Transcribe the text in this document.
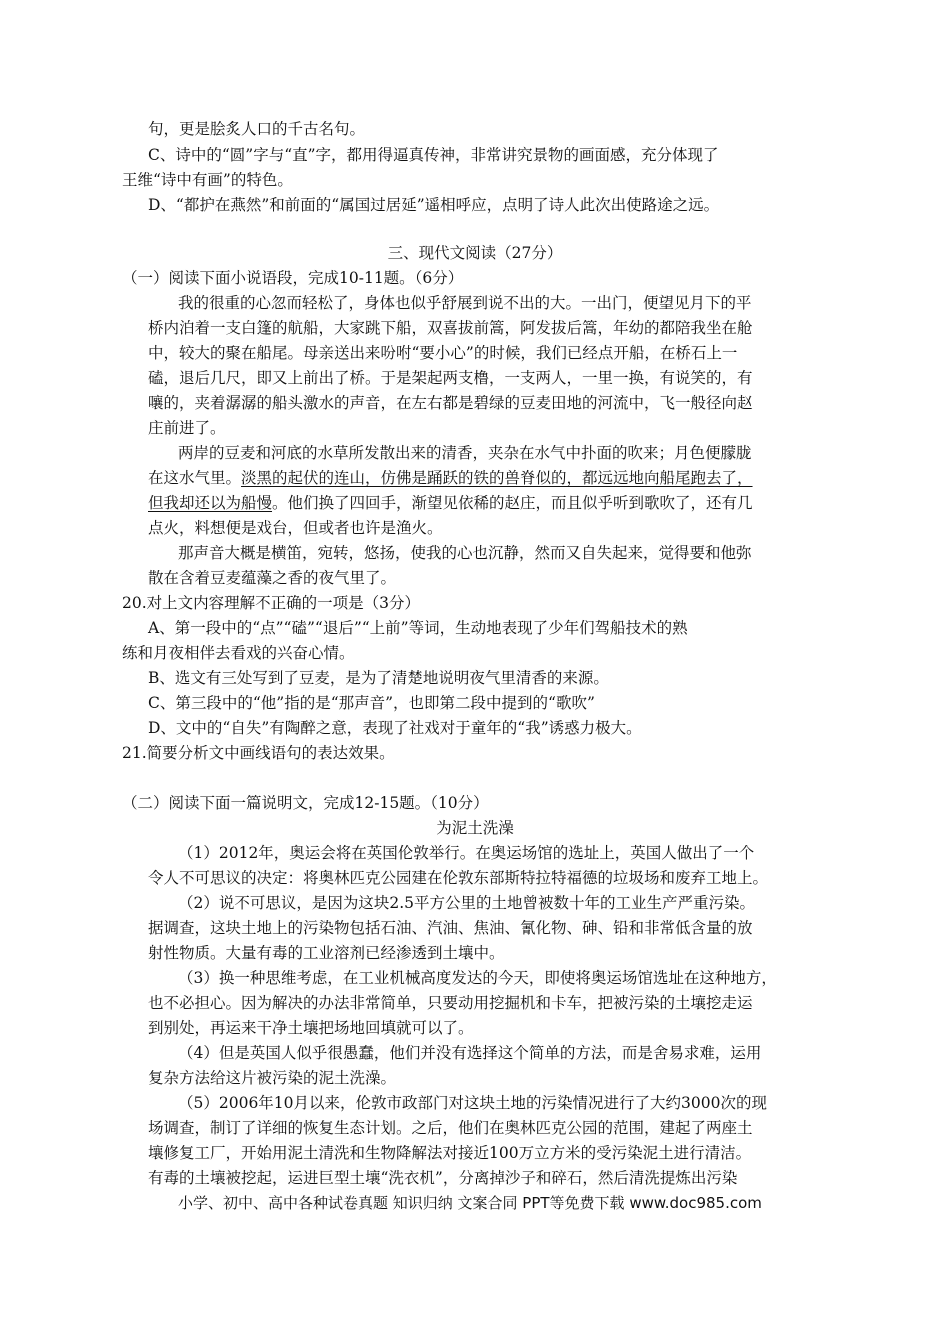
句，更是脍炙人口的千古名句。
C、诗中的“圆”字与“直”字，都用得逼真传神，非常讲究景物的画面感，充分体现了
王维“诗中有画”的特色。
D、“都护在燕然”和前面的“属国过居延”遥相呼应，点明了诗人此次出使路途之远。
三、现代文阅读（27分）
（一）阅读下面小说语段，完成10-11题。（6分）
我的很重的心忽而轻松了，身体也似乎舒展到说不出的大。一出门，便望见月下的平
桥内泊着一支白篷的航船，大家跳下船，双喜拔前篙，阿发拔后篙，年幼的都陪我坐在舱
中，较大的聚在船尾。母亲送出来吩咐“要小心”的时候，我们已经点开船，在桥石上一
磕，退后几尺，即又上前出了桥。于是架起两支橹，一支两人，一里一换，有说笑的，有
嚷的，夹着潺潺的船头激水的声音，在左右都是碧绿的豆麦田地的河流中，飞一般径向赵
庄前进了。
两岸的豆麦和河底的水草所发散出来的清香，夹杂在水气中扑面的吹来；月色便朦胧
在这水气里。淡黑的起伏的连山，仿佛是踊跃的铁的兽脊似的，都远远地向船尾跑去了，
但我却还以为船慢。他们换了四回手，渐望见依稀的赵庄，而且似乎听到歌吹了，还有几
点火，料想便是戏台，但或者也许是渔火。
那声音大概是横笛，宛转，悠扬，使我的心也沉静，然而又自失起来，觉得要和他弥
散在含着豆麦蕴藻之香的夜气里了。
20.对上文内容理解不正确的一项是（3分）
A、第一段中的“点”“磕”“退后”“上前”等词，生动地表现了少年们驾船技术的熟
练和月夜相伴去看戏的兴奋心情。
B、选文有三处写到了豆麦，是为了清楚地说明夜气里清香的来源。
C、第三段中的“他”指的是“那声音”，也即第二段中提到的“歌吹”
D、文中的“自失”有陶醉之意，表现了社戏对于童年的“我”诱惑力极大。
21.简要分析文中画线语句的表达效果。
（二）阅读下面一篇说明文，完成12-15题。（10分）
为泥土洗澡
（1）2012年，奥运会将在英国伦敦举行。在奥运场馆的选址上，英国人做出了一个
令人不可思议的决定：将奥林匹克公园建在伦敦东部斯特拉特福德的垃圾场和废弃工地上。
（2）说不可思议，是因为这块2.5平方公里的土地曾被数十年的工业生产严重污染。
据调查，这块土地上的污染物包括石油、汽油、焦油、氰化物、砷、铅和非常低含量的放
射性物质。大量有毒的工业溶剂已经渗透到土壤中。
（3）换一种思维考虑，在工业机械高度发达的今天，即使将奥运场馆选址在这种地方，
也不必担心。因为解决的办法非常简单，只要动用挖掘机和卡车，把被污染的土壤挖走运
到别处，再运来干净土壤把场地回填就可以了。
（4）但是英国人似乎很愚蠢，他们并没有选择这个简单的方法，而是舍易求难，运用
复杂方法给这片被污染的泥土洗澡。
（5）2006年10月以来，伦敦市政部门对这块土地的污染情况进行了大约3000次的现
场调查，制订了详细的恢复生态计划。之后，他们在奥林匹克公园的范围，建起了两座土
壤修复工厂，开始用泥土清洗和生物降解法对接近100万立方米的受污染泥土进行清洁。
有毒的土壤被挖起，运进巨型土壤“洗衣机”，分离掉沙子和碎石，然后清洗提炼出污染
小学、初中、高中各种试卷真题 知识归纳 文案合同 PPT等免费下载 www.doc985.com
